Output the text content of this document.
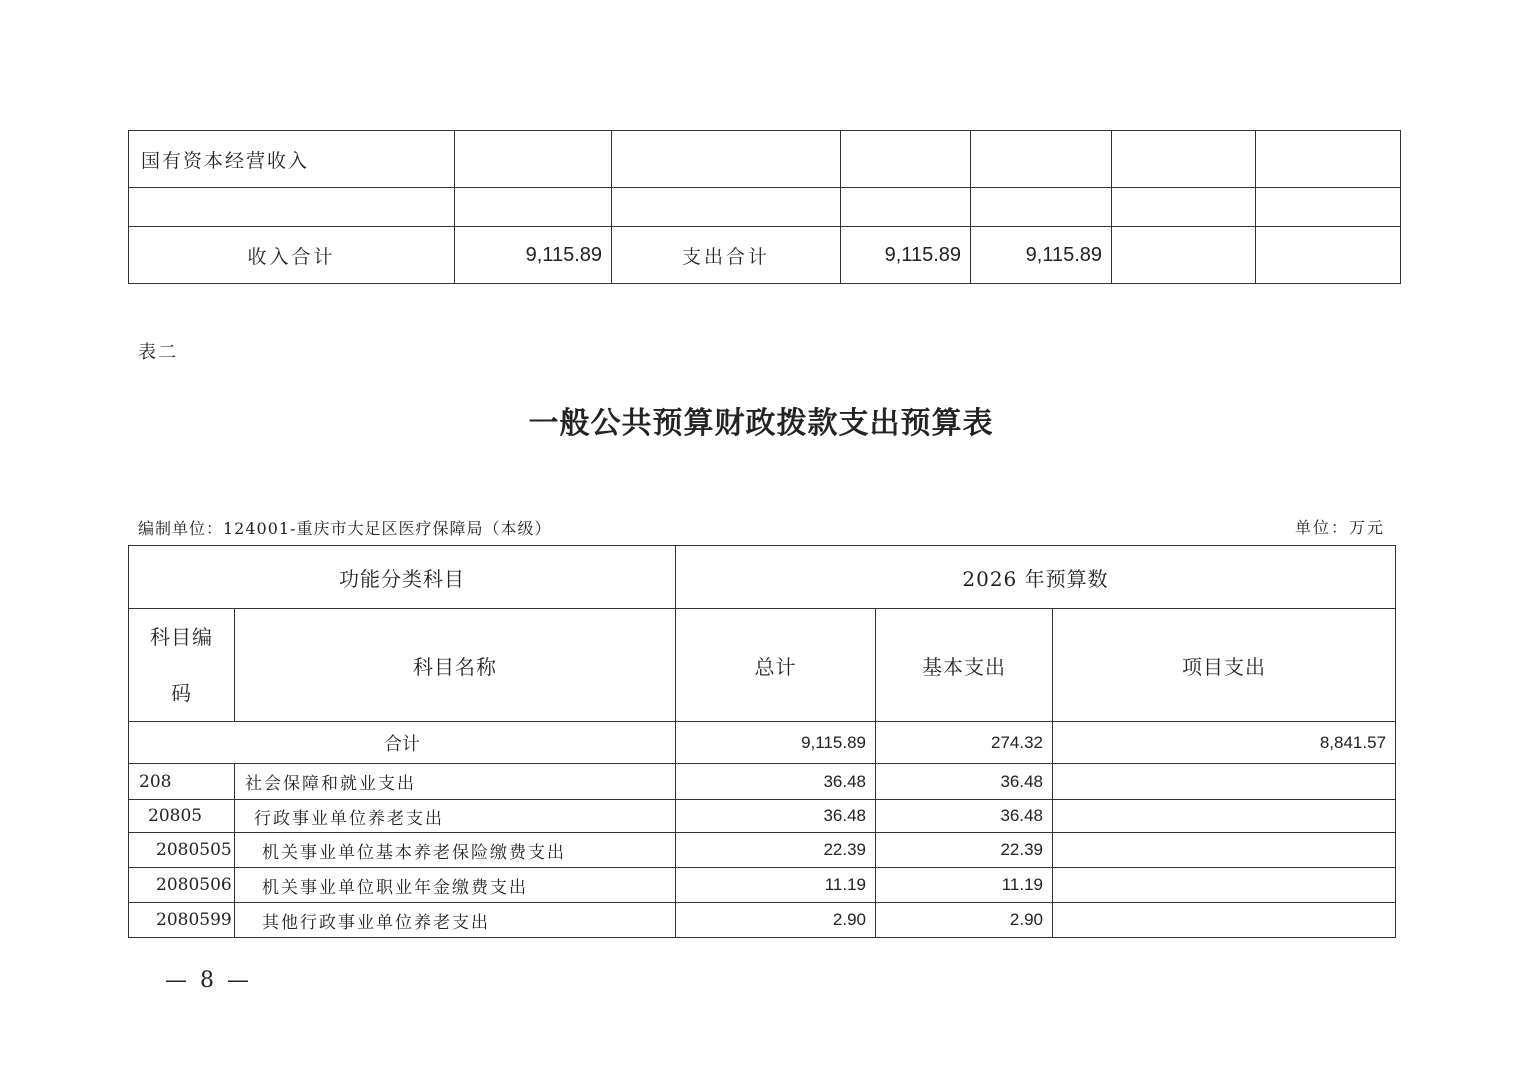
国有资本经营收入						

收入合计	9,115.89	支出合计	9,115.89	9,115.89		
表二
一般公共预算财政拨款支出预算表
编制单位：124001-重庆市大足区医疗保障局（本级）	单位：万元
功能分类科目		2026 年预算数		

科目编
码	科目名称	总计	基本支出	项目支出
合计		9,115.89	274.32	8,841.57
208	社会保障和就业支出	36.48	36.48	
20805	行政事业单位养老支出	36.48	36.48	
2080505	机关事业单位基本养老保险缴费支出	22.39	22.39	
2080506	机关事业单位职业年金缴费支出	11.19	11.19	
2080599	其他行政事业单位养老支出	2.90	2.90	
— 8 —
